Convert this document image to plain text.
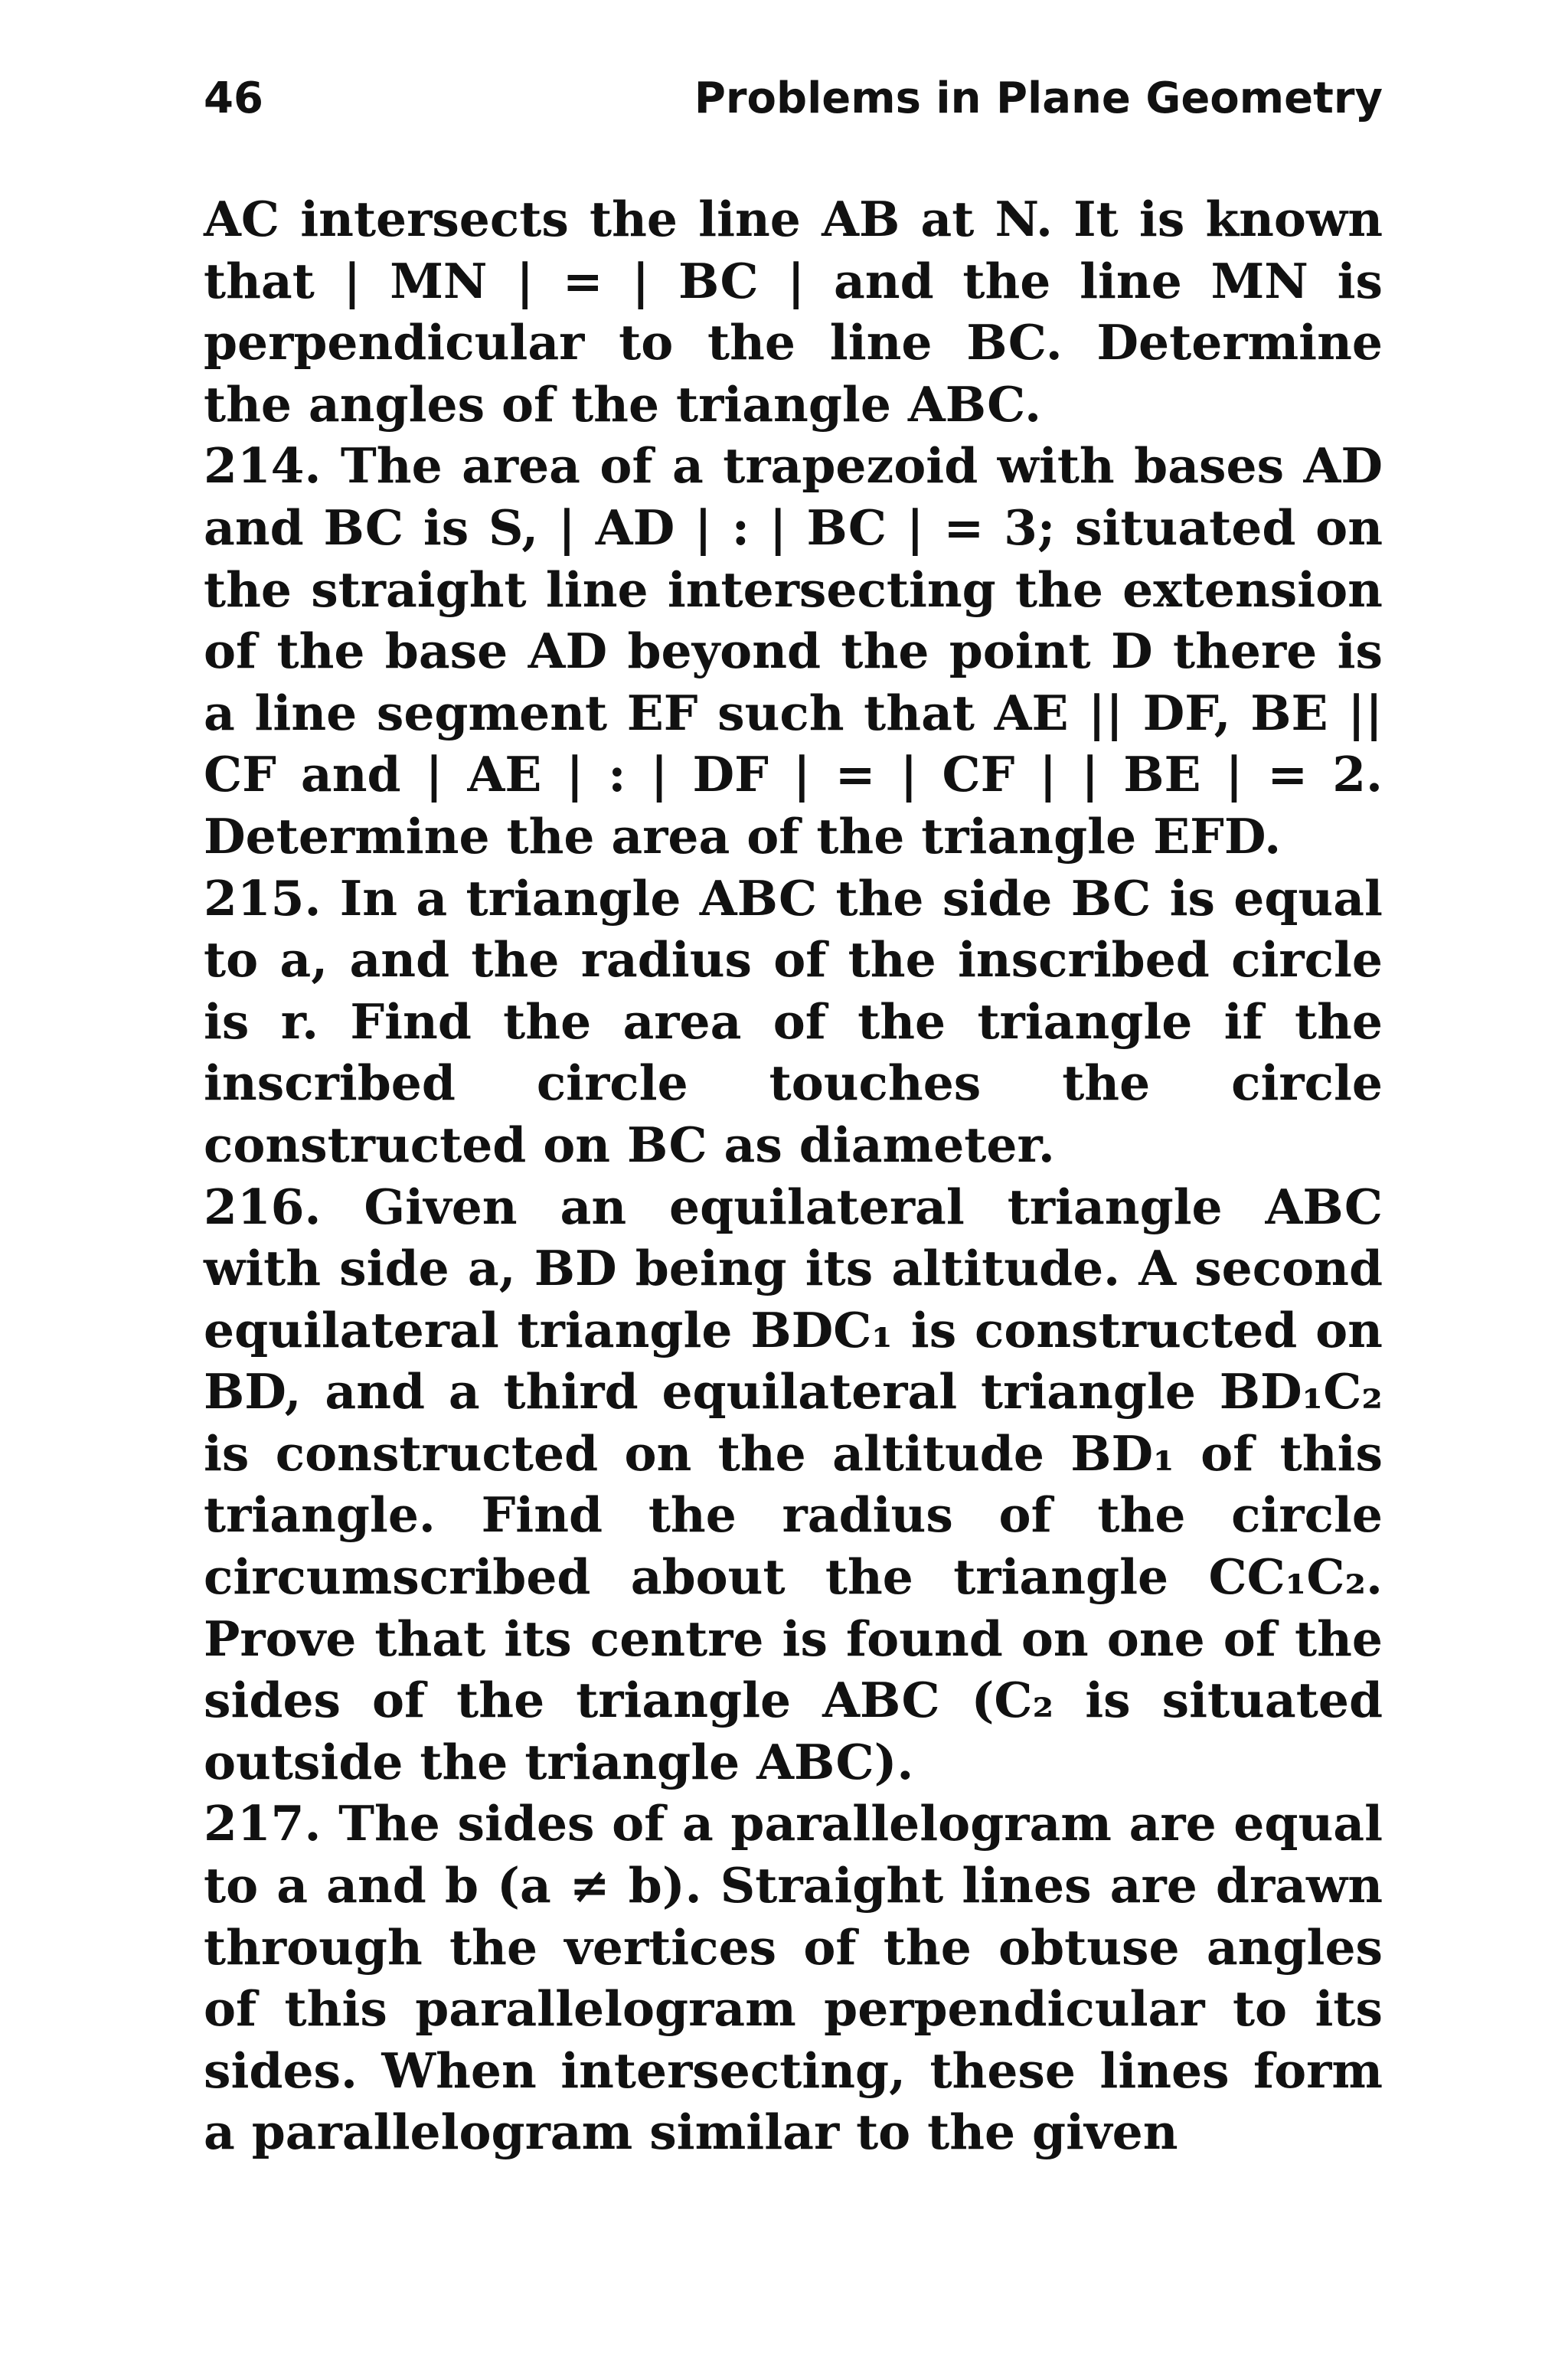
46	Problems in Plane Geometry

AC intersects the line AB at N. It is known that | MN | = | BC | and the line MN is perpendicular to the line BC. Determine the angles of the triangle ABC.

214. The area of a trapezoid with bases AD and BC is S, | AD | : | BC | = 3; situated on the straight line intersecting the extension of the base AD beyond the point D there is a line segment EF such that AE || DF, BE || CF and | AE | : | DF | = | CF | | BE | = 2. Determine the area of the triangle EFD.

215. In a triangle ABC the side BC is equal to a, and the radius of the inscribed circle is r. Find the area of the triangle if the inscribed circle touches the circle constructed on BC as diameter.

216. Given an equilateral triangle ABC with side a, BD being its altitude. A second equilateral triangle BDC₁ is constructed on BD, and a third equilateral triangle BD₁C₂ is constructed on the altitude BD₁ of this triangle. Find the radius of the circle circumscribed about the triangle CC₁C₂. Prove that its centre is found on one of the sides of the triangle ABC (C₂ is situated outside the triangle ABC).

217. The sides of a parallelogram are equal to a and b (a ≠ b). Straight lines are drawn through the vertices of the obtuse angles of this parallelogram perpendicular to its sides. When intersecting, these lines form a parallelogram similar to the given
